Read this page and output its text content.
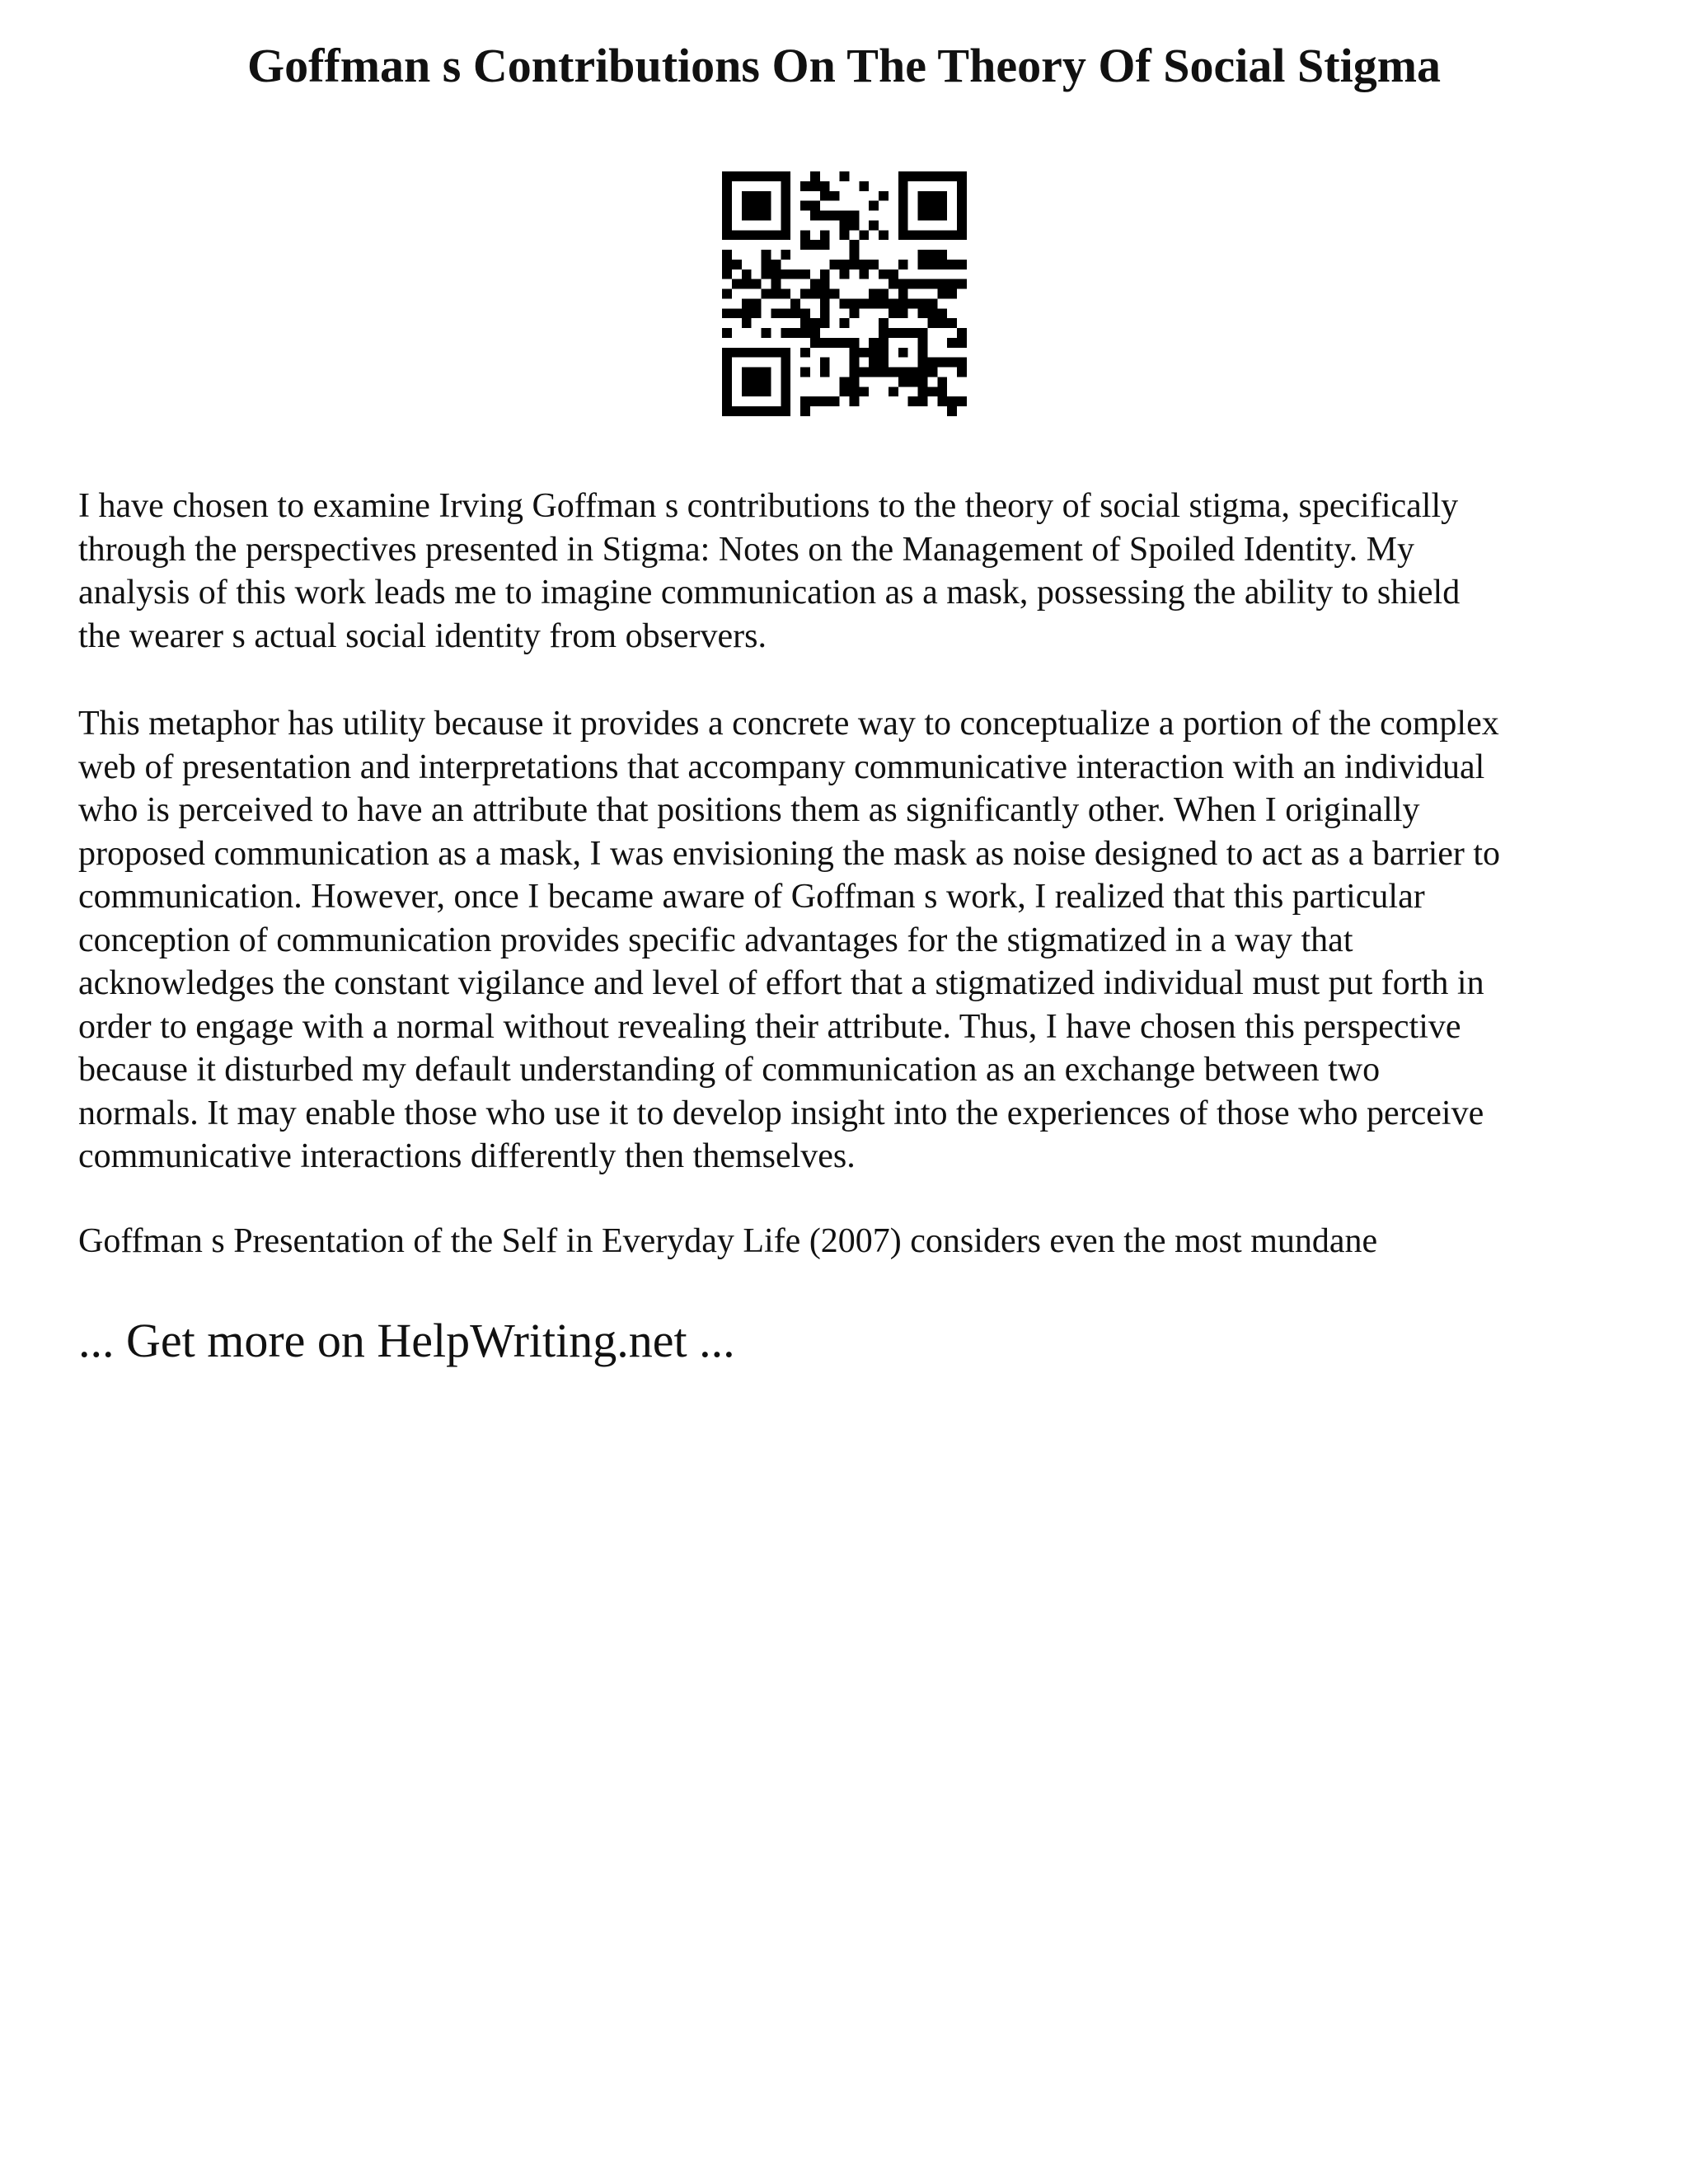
Goffman s Contributions On The Theory Of Social Stigma

I have chosen to examine Irving Goffman s contributions to the theory of social stigma, specifically
through the perspectives presented in Stigma: Notes on the Management of Spoiled Identity. My
analysis of this work leads me to imagine communication as a mask, possessing the ability to shield
the wearer s actual social identity from observers.

This metaphor has utility because it provides a concrete way to conceptualize a portion of the complex
web of presentation and interpretations that accompany communicative interaction with an individual
who is perceived to have an attribute that positions them as significantly other. When I originally
proposed communication as a mask, I was envisioning the mask as noise designed to act as a barrier to
communication. However, once I became aware of Goffman s work, I realized that this particular
conception of communication provides specific advantages for the stigmatized in a way that
acknowledges the constant vigilance and level of effort that a stigmatized individual must put forth in
order to engage with a normal without revealing their attribute. Thus, I have chosen this perspective
because it disturbed my default understanding of communication as an exchange between two
normals. It may enable those who use it to develop insight into the experiences of those who perceive
communicative interactions differently then themselves.

Goffman s Presentation of the Self in Everyday Life (2007) considers even the most mundane

... Get more on HelpWriting.net ...
